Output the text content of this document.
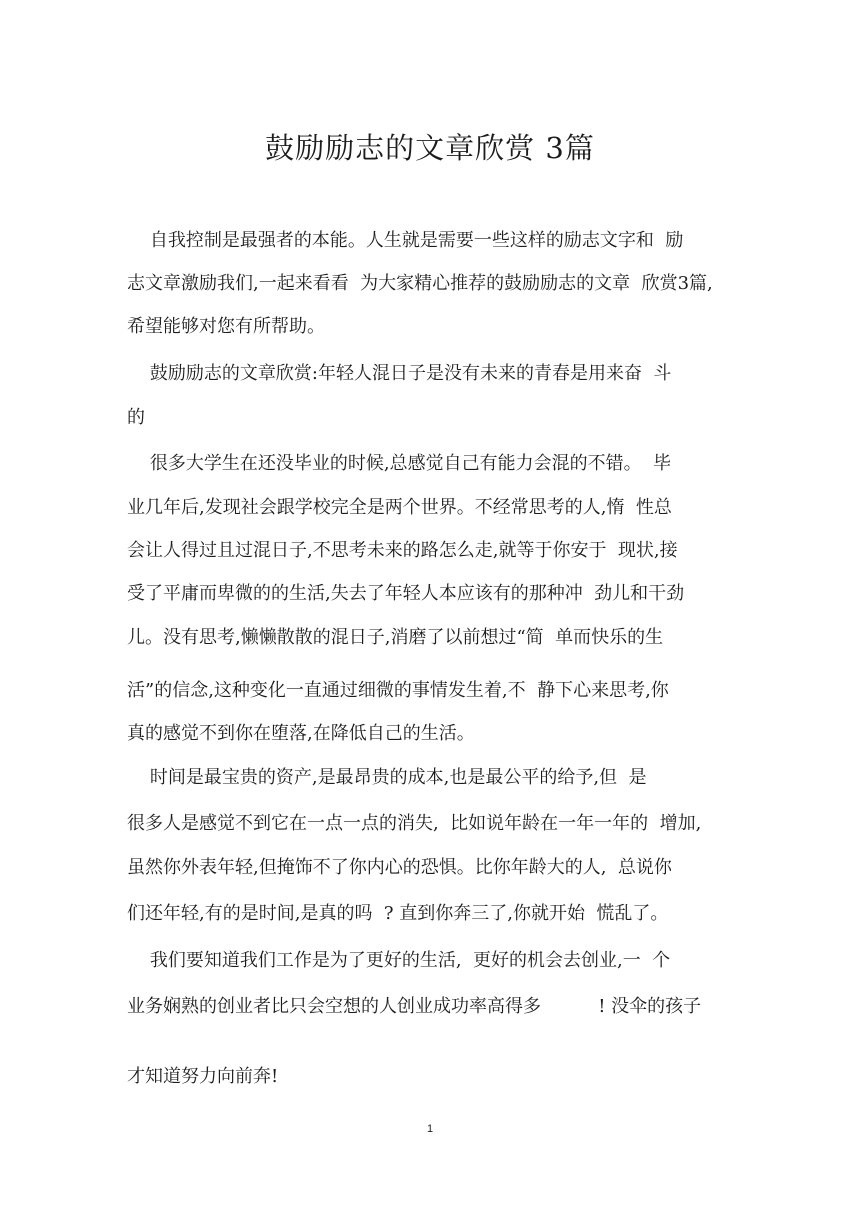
鼓励励志的文章欣赏 3篇
自我控制是最强者的本能。人生就是需要一些这样的励志文字和  励
志文章激励我们,一起来看看  为大家精心推荐的鼓励励志的文章  欣赏3篇,
希望能够对您有所帮助。
鼓励励志的文章欣赏:年轻人混日子是没有未来的青春是用来奋  斗
的
很多大学生在还没毕业的时候,总感觉自己有能力会混的不错。  毕
业几年后,发现社会跟学校完全是两个世界。不经常思考的人,惰  性总
会让人得过且过混日子,不思考未来的路怎么走,就等于你安于  现状,接
受了平庸而卑微的的生活,失去了年轻人本应该有的那种冲  劲儿和干劲
儿。没有思考,懒懒散散的混日子,消磨了以前想过“简  单而快乐的生
活”的信念,这种变化一直通过细微的事情发生着,不  静下心来思考,你
真的感觉不到你在堕落,在降低自己的生活。
时间是最宝贵的资产,是最昂贵的成本,也是最公平的给予,但  是
很多人是感觉不到它在一点一点的消失,  比如说年龄在一年一年的  增加,
虽然你外表年轻,但掩饰不了你内心的恐惧。比你年龄大的人,  总说你
们还年轻,有的是时间,是真的吗  ? 直到你奔三了,你就开始  慌乱了。
我们要知道我们工作是为了更好的生活,  更好的机会去创业,一  个
业务娴熟的创业者比只会空想的人创业成功率高得多          ! 没伞的孩子
才知道努力向前奔!
1
